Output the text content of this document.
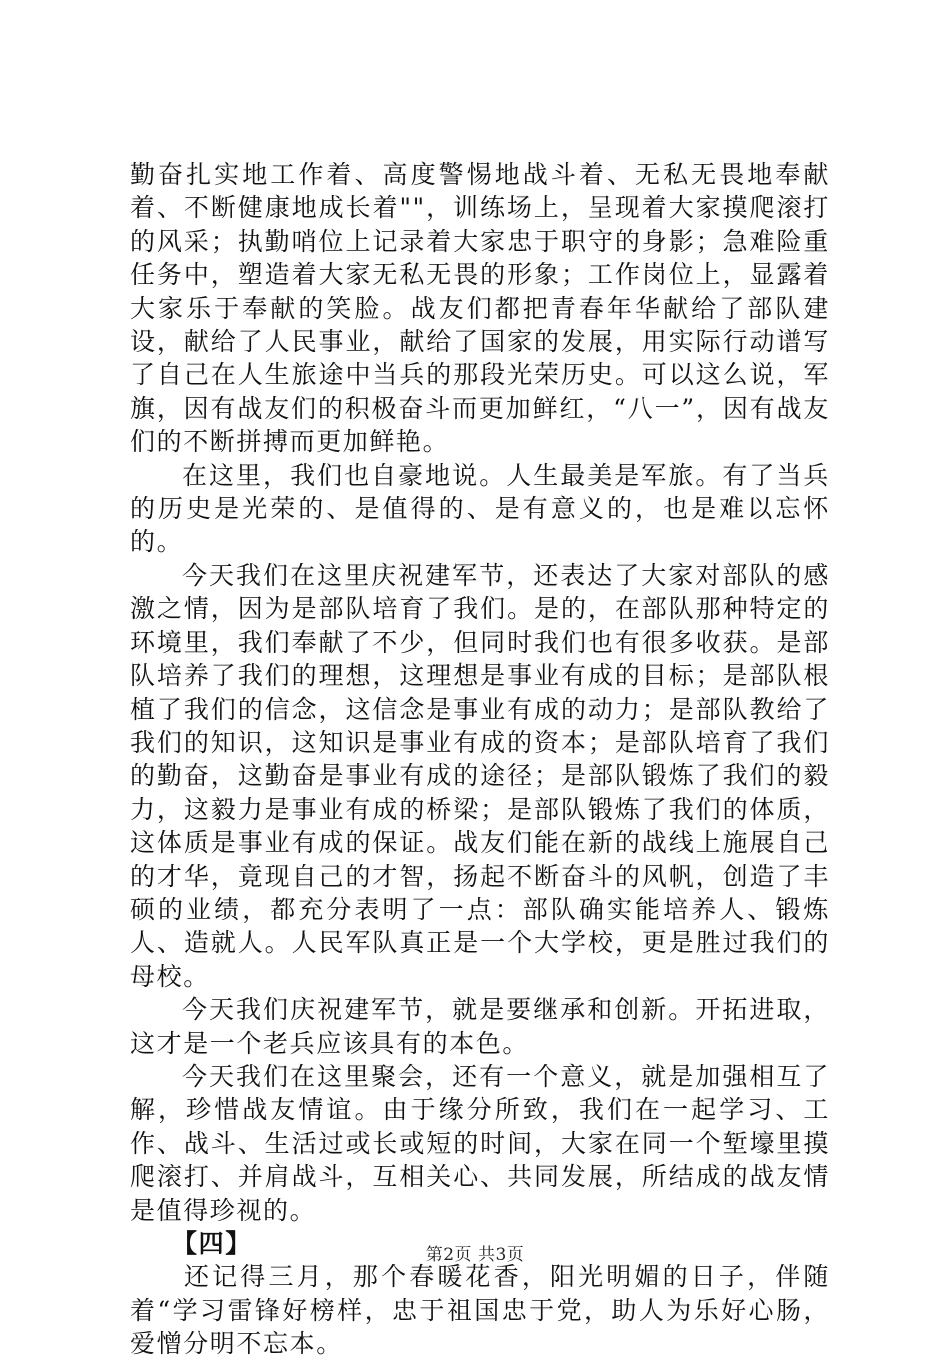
勤奋扎实地工作着、高度警惕地战斗着、无私无畏地奉献着、不断健康地成长着""，训练场上，呈现着大家摸爬滚打的风采；执勤哨位上记录着大家忠于职守的身影；急难险重任务中，塑造着大家无私无畏的形象；工作岗位上，显露着大家乐于奉献的笑脸。战友们都把青春年华献给了部队建设，献给了人民事业，献给了国家的发展，用实际行动谱写了自己在人生旅途中当兵的那段光荣历史。可以这么说，军旗，因有战友们的积极奋斗而更加鲜红，“八一”，因有战友们的不断拼搏而更加鲜艳。

在这里，我们也自豪地说。人生最美是军旅。有了当兵的历史是光荣的、是值得的、是有意义的，也是难以忘怀的。

今天我们在这里庆祝建军节，还表达了大家对部队的感激之情，因为是部队培育了我们。是的，在部队那种特定的环境里，我们奉献了不少，但同时我们也有很多收获。是部队培养了我们的理想，这理想是事业有成的目标；是部队根植了我们的信念，这信念是事业有成的动力；是部队教给了我们的知识，这知识是事业有成的资本；是部队培育了我们的勤奋，这勤奋是事业有成的途径；是部队锻炼了我们的毅力，这毅力是事业有成的桥梁；是部队锻炼了我们的体质，这体质是事业有成的保证。战友们能在新的战线上施展自己的才华，竟现自己的才智，扬起不断奋斗的风帆，创造了丰硕的业绩，都充分表明了一点：部队确实能培养人、锻炼人、造就人。人民军队真正是一个大学校，更是胜过我们的母校。

今天我们庆祝建军节，就是要继承和创新。开拓进取，这才是一个老兵应该具有的本色。

今天我们在这里聚会，还有一个意义，就是加强相互了解，珍惜战友情谊。由于缘分所致，我们在一起学习、工作、战斗、生活过或长或短的时间，大家在同一个堑壕里摸爬滚打、并肩战斗，互相关心、共同发展，所结成的战友情是值得珍视的。

【四】

还记得三月，那个春暖花香，阳光明媚的日子，伴随着“学习雷锋好榜样，忠于祖国忠于党，助人为乐好心肠，爱憎分明不忘本。

第2页 共3页
